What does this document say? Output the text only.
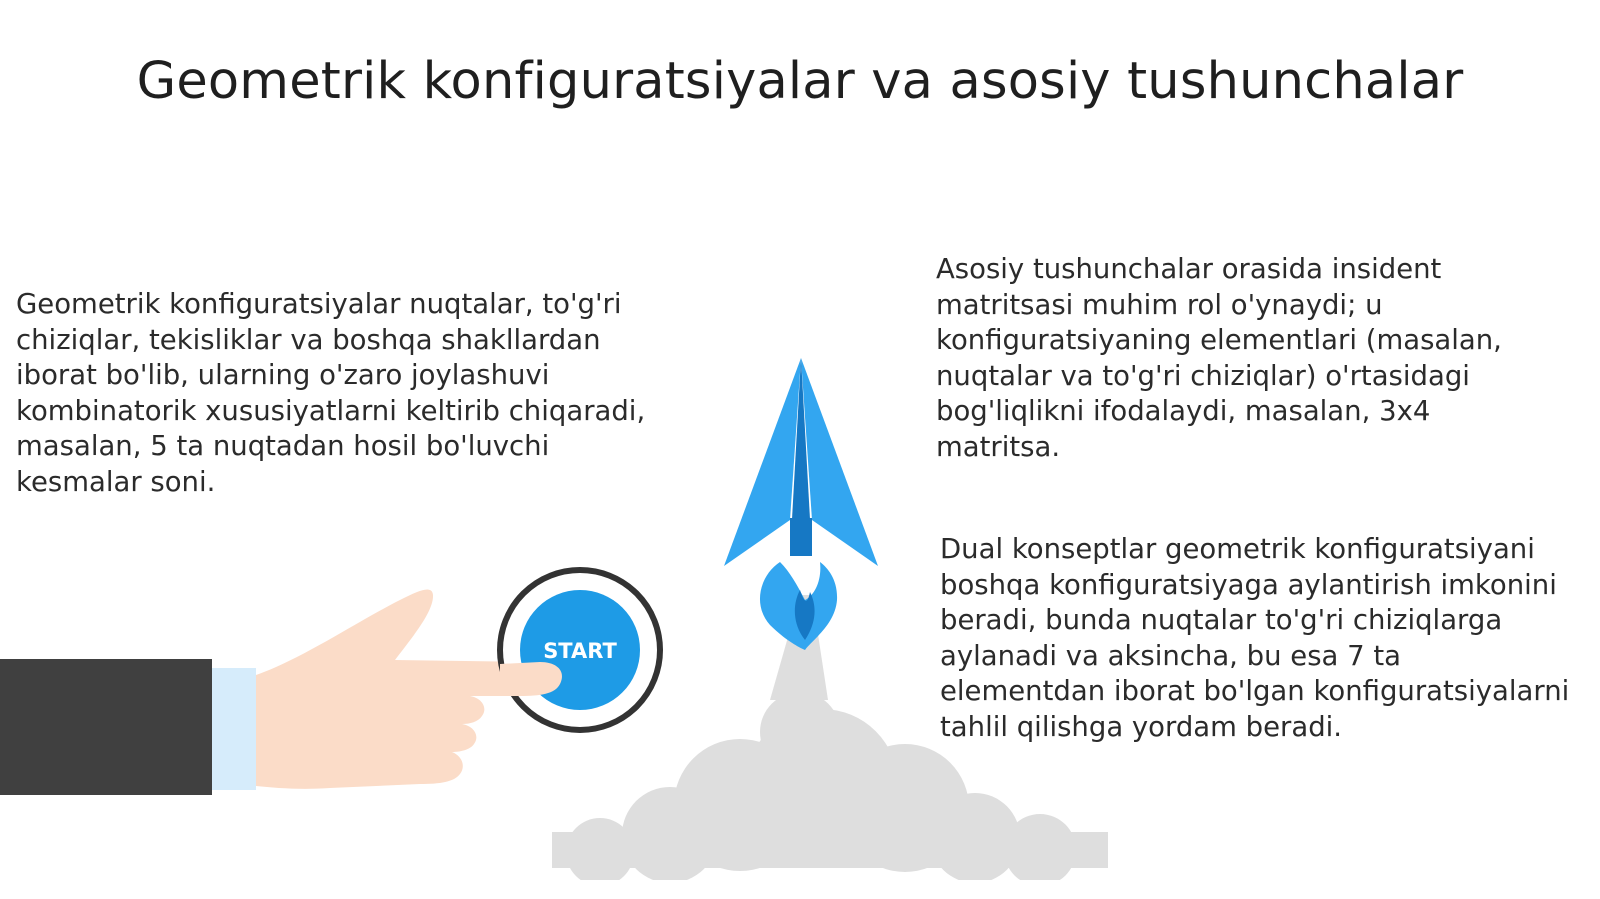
Geometrik konfiguratsiyalar va asosiy tushunchalar

Geometrik konfiguratsiyalar nuqtalar, to'g'ri chiziqlar, tekisliklar va boshqa shakllardan iborat bo'lib, ularning o'zaro joylashuvi kombinatorik xususiyatlarni keltirib chiqaradi, masalan, 5 ta nuqtadan hosil bo'luvchi kesmalar soni.

Asosiy tushunchalar orasida insident matritsasi muhim rol o'ynaydi; u konfiguratsiyaning elementlari (masalan, nuqtalar va to'g'ri chiziqlar) o'rtasidagi bog'liqlikni ifodalaydi, masalan, 3x4 matritsa.

Dual konseptlar geometrik konfiguratsiyani boshqa konfiguratsiyaga aylantirish imkonini beradi, bunda nuqtalar to'g'ri chiziqlarga aylanadi va aksincha, bu esa 7 ta elementdan iborat bo'lgan konfiguratsiyalarni tahlil qilishga yordam beradi.

START
